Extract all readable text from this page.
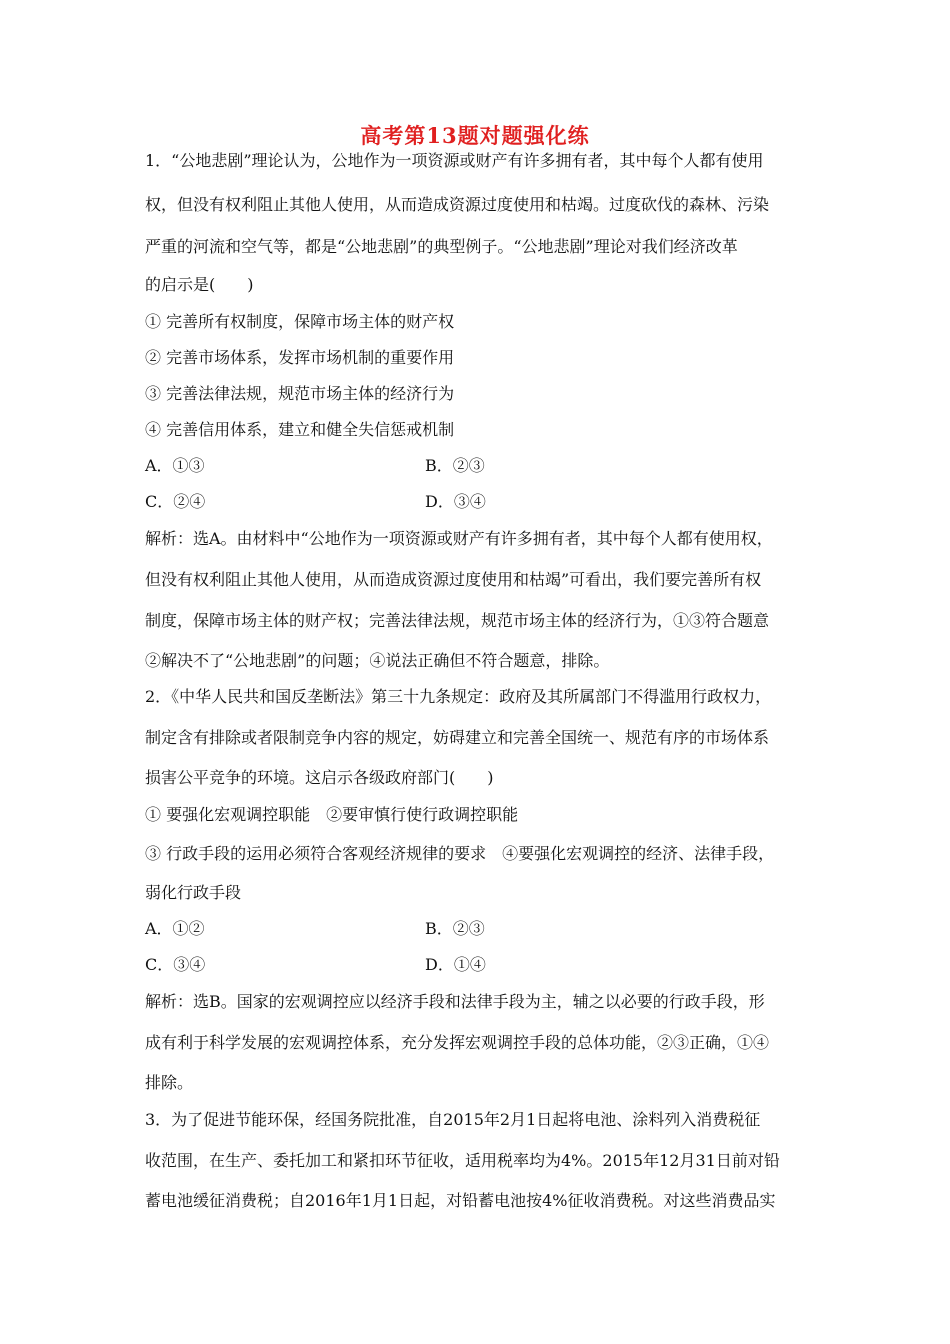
高考第13题对题强化练
1．“公地悲剧”理论认为，公地作为一项资源或财产有许多拥有者，其中每个人都有使用
权，但没有权利阻止其他人使用，从而造成资源过度使用和枯竭。过度砍伐的森林、污染
严重的河流和空气等，都是“公地悲剧”的典型例子。“公地悲剧”理论对我们经济改革
的启示是(　　)
① 完善所有权制度，保障市场主体的财产权
② 完善市场体系，发挥市场机制的重要作用
③ 完善法律法规，规范市场主体的经济行为
④ 完善信用体系，建立和健全失信惩戒机制
A．①③	B．②③
C．②④	D．③④
解析：选A。由材料中“公地作为一项资源或财产有许多拥有者，其中每个人都有使用权，
但没有权利阻止其他人使用，从而造成资源过度使用和枯竭”可看出，我们要完善所有权
制度，保障市场主体的财产权；完善法律法规，规范市场主体的经济行为，①③符合题意
②解决不了“公地悲剧”的问题；④说法正确但不符合题意，排除。
2．《中华人民共和国反垄断法》第三十九条规定：政府及其所属部门不得滥用行政权力，
制定含有排除或者限制竞争内容的规定，妨碍建立和完善全国统一、规范有序的市场体系
损害公平竞争的环境。这启示各级政府部门(　　)
① 要强化宏观调控职能　②要审慎行使行政调控职能
③ 行政手段的运用必须符合客观经济规律的要求　④要强化宏观调控的经济、法律手段，
弱化行政手段
A．①②	B．②③
C．③④	D．①④
解析：选B。国家的宏观调控应以经济手段和法律手段为主，辅之以必要的行政手段，形
成有利于科学发展的宏观调控体系，充分发挥宏观调控手段的总体功能，②③正确，①④
排除。
3．为了促进节能环保，经国务院批准，自2015年2月1日起将电池、涂料列入消费税征
收范围，在生产、委托加工和紧扣环节征收，适用税率均为4%。2015年12月31日前对铅
蓄电池缓征消费税；自2016年1月1日起，对铅蓄电池按4%征收消费税。对这些消费品实
